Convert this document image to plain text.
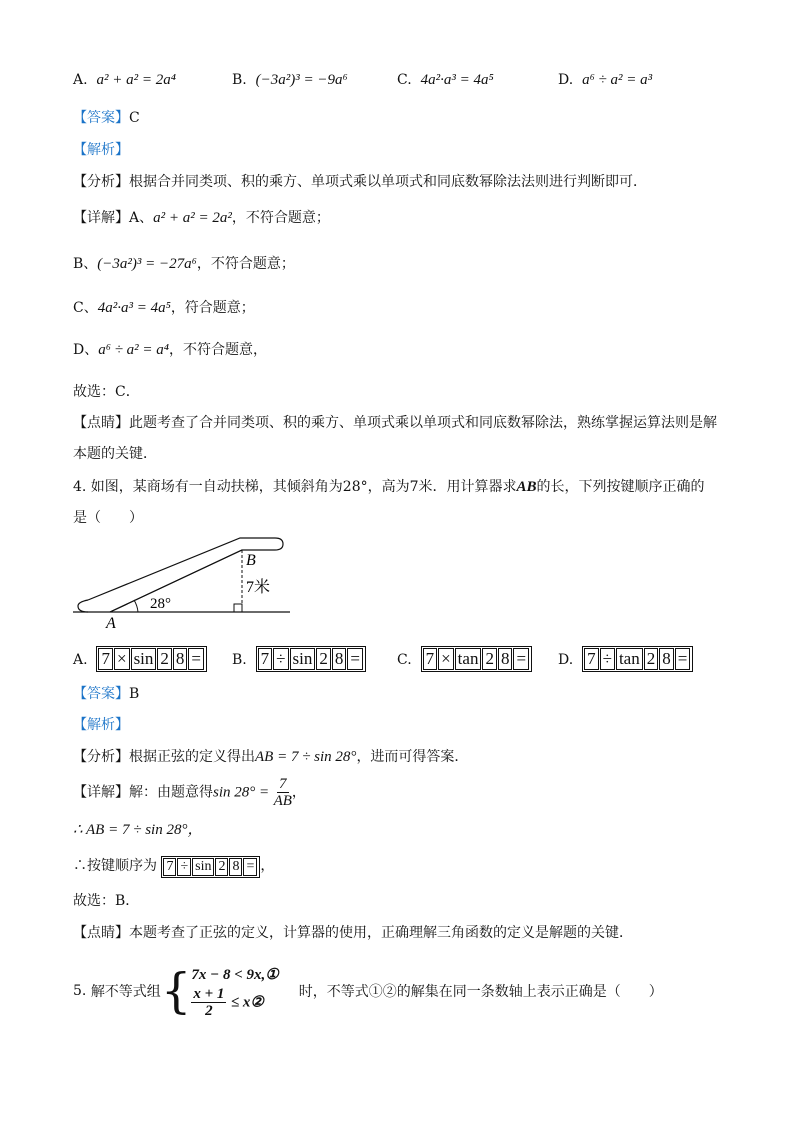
A. a² + a² = 2a⁴	B. (−3a²)³ = −9a⁶	C. 4a²·a³ = 4a⁵	D. a⁶ ÷ a² = a³
【答案】C
【解析】
【分析】根据合并同类项、积的乘方、单项式乘以单项式和同底数幂除法法则进行判断即可．
【详解】A、a² + a² = 2a²，不符合题意；
B、(−3a²)³ = −27a⁶，不符合题意；
C、4a²·a³ = 4a⁵，符合题意；
D、a⁶ ÷ a² = a⁴，不符合题意，
故选：C．
【点睛】此题考查了合并同类项、积的乘方、单项式乘以单项式和同底数幂除法，熟练掌握运算法则是解
本题的关键．
4. 如图，某商场有一自动扶梯，其倾斜角为28°，高为7米．用计算器求AB的长，下列按键顺序正确的
是（　　）
B
7米
28°
A
A. 7 × sin 2 8 = B. 7 ÷ sin 2 8 =	C. 7 × tan 2 8 = D. 7 ÷ tan 2 8 =
【答案】B
【解析】
【分析】根据正弦的定义得出AB = 7 ÷ sin 28°，进而可得答案．
【详解】解：由题意得$\sin 28^\circ = \frac{7}{AB}$ ，
∴ AB = 7 ÷ sin 28°，
∴按键顺序为 7 ÷ sin 2 8 = ，
故选：B．
【点睛】本题考查了正弦的定义，计算器的使用，正确理解三角函数的定义是解题的关键．
5.
解不等式组 { 7x − 8 < 9x,①
$\frac{x + 1}{2}$ ≤ x②
时，不等式①②的解集在同一条数轴上表示正确是（　　）
